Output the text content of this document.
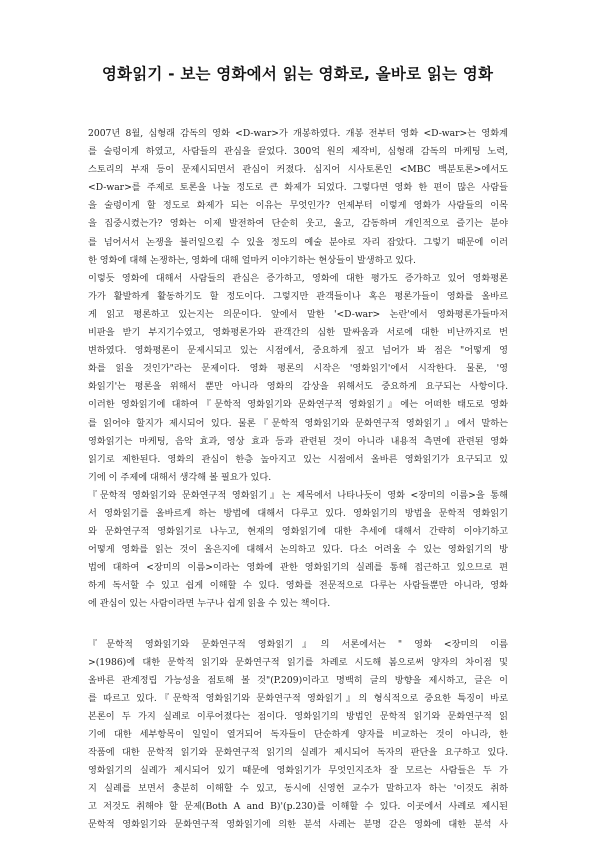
영화읽기 - 보는 영화에서 읽는 영화로, 올바로 읽는 영화
2007년 8월, 심형래 감독의 영화 <D-war>가 개봉하였다. 개봉 전부터 영화 <D-war>는 영화계
를 술렁이게 하였고, 사람들의 관심을 끌었다. 300억 원의 제작비, 심형래 감독의 마케팅 노력,
스토리의 부재 등이 문제시되면서 관심이 커졌다. 심지어 시사토론인 <MBC 백분토론>에서도
<D-war>를 주제로 토론을 나눌 정도로 큰 화제가 되었다. 그렇다면 영화 한 편이 많은 사람들
을 술렁이게 할 정도로 화제가 되는 이유는 무엇인가? 언제부터 이렇게 영화가 사람들의 이목
을 집중시켰는가? 영화는 이제 발전하여 단순히 웃고, 울고, 감동하며 개인적으로 즐기는 분야
를 넘어서서 논쟁을 불러일으킬 수 있을 정도의 예술 분야로 자리 잡았다. 그렇기 때문에 이러
한 영화에 대해 논쟁하는, 영화에 대해 얼마커 이야기하는 현상들이 발생하고 있다.
이렇듯 영화에 대해서 사람들의 관심은 증가하고, 영화에 대한 평가도 증가하고 있어 영화평론
가가 활발하게 활동하기도 할 정도이다. 그렇지만 관객들이나 혹은 평론가들이 영화를 올바르
게 읽고 평론하고 있는지는 의문이다. 앞에서 말한 '<D-war> 논란'에서 영화평론가들마저
비판을 받기 부지기수였고, 영화평론가와 관객간의 심한 말싸움과 서로에 대한 비난까지로 번
변하였다. 영화평론이 문제시되고 있는 시점에서, 중요하게 짚고 넘어가 봐 점은 "어떻게 영
화를 읽을 것인가"라는 문제이다. 영화 평론의 시작은 '영화읽기'에서 시작한다. 물론, '영
화읽기'는 평론을 위해서 뿐만 아니라 영화의 감상을 위해서도 중요하게 요구되는 사항이다.
이러한 영화읽기에 대하여『문학적 영화읽기와 문화연구적 영화읽기』에는 어떠한 태도로 영화
를 읽어야 할지가 제시되어 있다. 물론『문학적 영화읽기와 문화연구적 영화읽기』에서 말하는
영화읽기는 마케팅, 음악 효과, 영상 효과 등과 관련된 것이 아니라 내용적 측면에 관련된 영화
읽기로 제한된다. 영화의 관심이 한층 높아지고 있는 시점에서 올바른 영화읽기가 요구되고 있
기에 이 주제에 대해서 생각해 볼 필요가 있다.
『문학적 영화읽기와 문화연구적 영화읽기』는 제목에서 나타나듯이 영화 <장미의 이름>을 통해
서 영화읽기를 올바르게 하는 방법에 대해서 다루고 있다. 영화읽기의 방법을 문학적 영화읽기
와 문화연구적 영화읽기로 나누고, 현재의 영화읽기에 대한 추세에 대해서 간략히 이야기하고
어떻게 영화를 읽는 것이 올은지에 대해서 논의하고 있다. 다소 어려울 수 있는 영화읽기의 방
법에 대하여 <장미의 이름>이라는 영화에 관한 영화읽기의 실례를 통해 접근하고 있으므로 편
하게 독서할 수 있고 쉽게 이해할 수 있다. 영화를 전문적으로 다루는 사람들뿐만 아니라, 영화
에 관심이 있는 사람이라면 누구나 쉽게 읽을 수 있는 책이다.
『문학적 영화읽기와 문화연구적 영화읽기』의 서론에서는 " 영화 <장미의 이름
>(1986)에 대한 문학적 읽기와 문화연구적 읽기를 차례로 시도해 봄으로써 양자의 차이점 및
올바른 관계정립 가능성을 점토해 볼 것"(P.209)이라고 명백히 글의 방향을 제시하고, 글은 이
를 따르고 있다.『문학적 영화읽기와 문화연구적 영화읽기』의 형식적으로 중요한 특징이 바로
본론이 두 가지 실례로 이루어졌다는 점이다. 영화읽기의 방법인 문학적 읽기와 문화연구적 읽
기에 대한 세부항목이 일일이 열거되어 독자들이 단순하게 양자를 비교하는 것이 아니라, 한
작품에 대한 문학적 읽기와 문화연구적 읽기의 실례가 제시되어 독자의 판단을 요구하고 있다.
영화읽기의 실례가 제시되어 있기 때문에 영화읽기가 무엇인지조차 잘 모르는 사람들은 두 가
지 실례를 보면서 충분히 이해할 수 있고, 동시에 신영헌 교수가 말하고자 하는 '이것도 취하
고 저것도 취해야 할 문제(Both A and B)'(p.230)를 이해할 수 있다. 이곳에서 사례로 제시된
문학적 영화읽기와 문화연구적 영화읽기에 의한 분석 사례는 분명 같은 영화에 대한 분석 사
